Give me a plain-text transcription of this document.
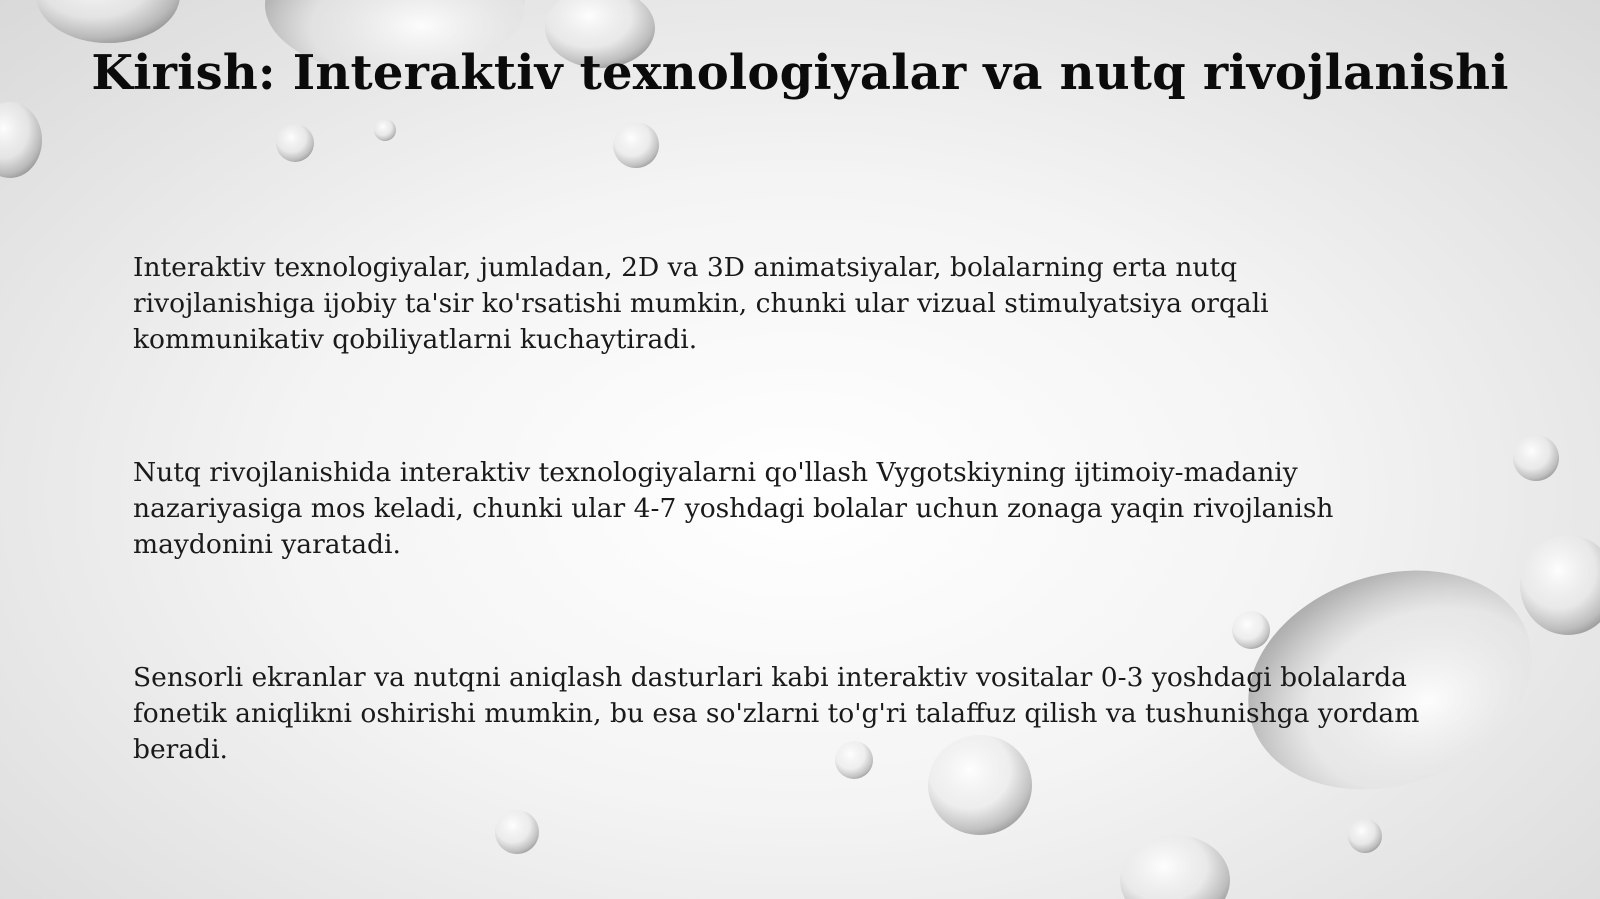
Kirish: Interaktiv texnologiyalar va nutq rivojlanishi

Interaktiv texnologiyalar, jumladan, 2D va 3D animatsiyalar, bolalarning erta nutq
rivojlanishiga ijobiy ta'sir ko'rsatishi mumkin, chunki ular vizual stimulyatsiya orqali
kommunikativ qobiliyatlarni kuchaytiradi.

Nutq rivojlanishida interaktiv texnologiyalarni qo'llash Vygotskiyning ijtimoiy-madaniy
nazariyasiga mos keladi, chunki ular 4-7 yoshdagi bolalar uchun zonaga yaqin rivojlanish
maydonini yaratadi.

Sensorli ekranlar va nutqni aniqlash dasturlari kabi interaktiv vositalar 0-3 yoshdagi bolalarda
fonetik aniqlikni oshirishi mumkin, bu esa so'zlarni to'g'ri talaffuz qilish va tushunishga yordam
beradi.
